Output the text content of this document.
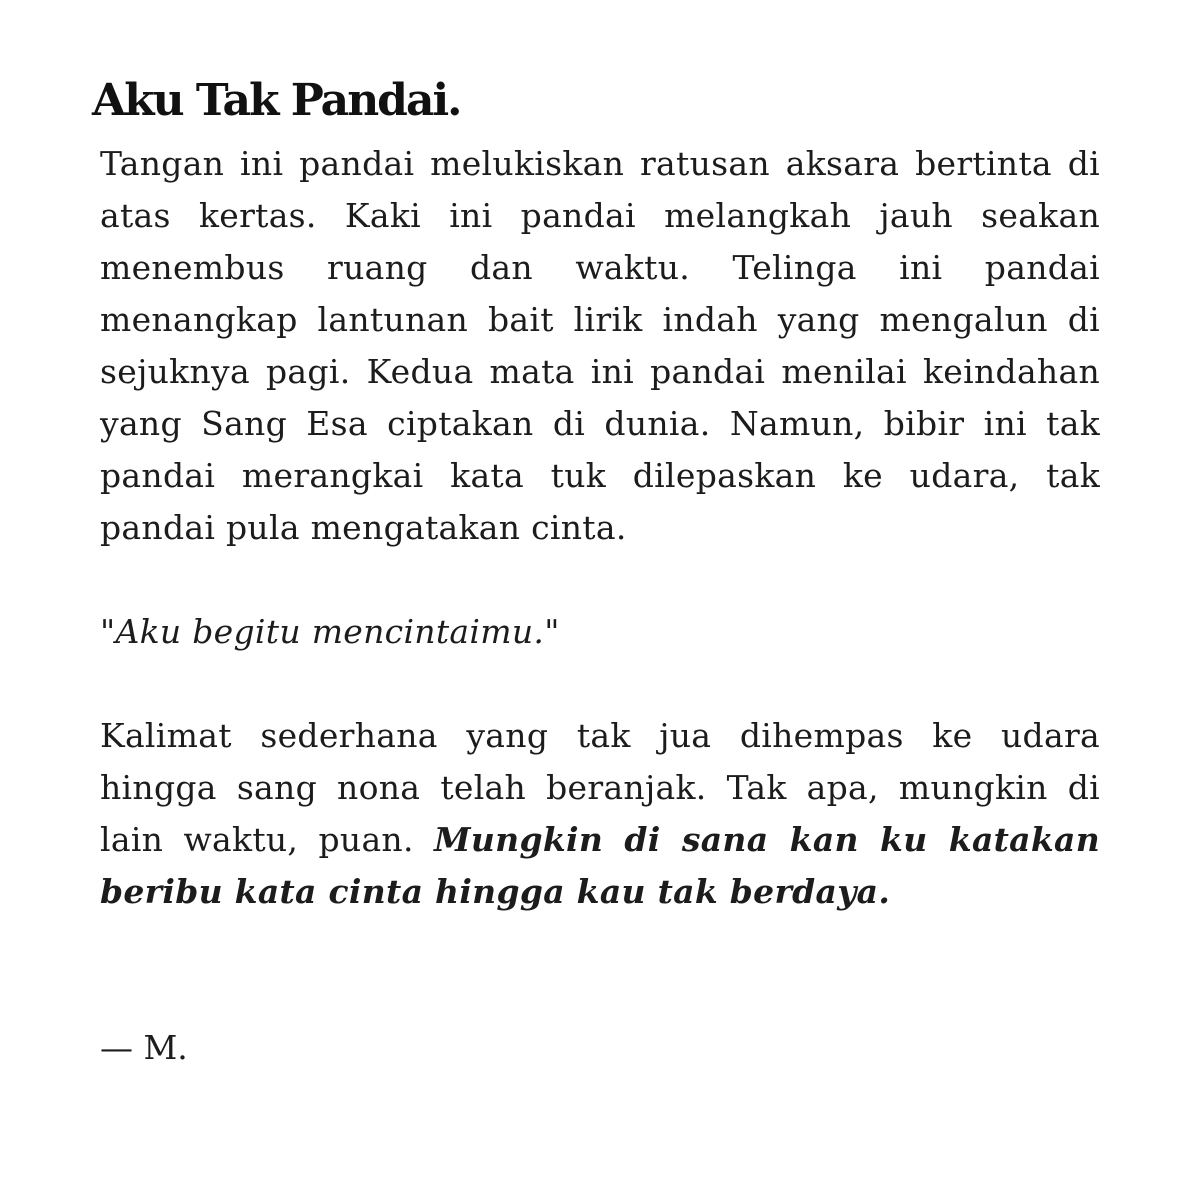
Aku Tak Pandai.

Tangan ini pandai melukiskan ratusan aksara bertinta di atas kertas. Kaki ini pandai melangkah jauh seakan menembus ruang dan waktu. Telinga ini pandai menangkap lantunan bait lirik indah yang mengalun di sejuknya pagi. Kedua mata ini pandai menilai keindahan yang Sang Esa ciptakan di dunia. Namun, bibir ini tak pandai merangkai kata tuk dilepaskan ke udara, tak pandai pula mengatakan cinta.

"Aku begitu mencintaimu."

Kalimat sederhana yang tak jua dihempas ke udara hingga sang nona telah beranjak. Tak apa, mungkin di lain waktu, puan. Mungkin di sana kan ku katakan beribu kata cinta hingga kau tak berdaya.

— M.
